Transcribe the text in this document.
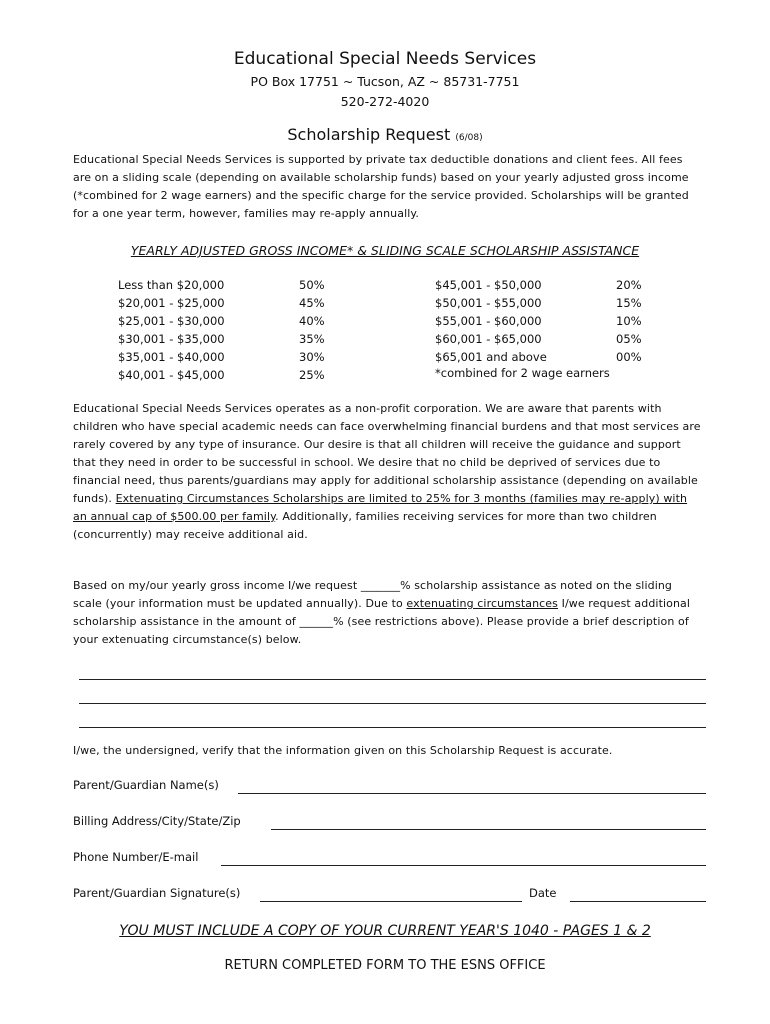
Educational Special Needs Services
PO Box 17751 ~ Tucson, AZ ~ 85731-7751
520-272-4020
Scholarship Request (6/08)
Educational Special Needs Services is supported by private tax deductible donations and client fees. All fees are on a sliding scale (depending on available scholarship funds) based on your yearly adjusted gross income (*combined for 2 wage earners) and the specific charge for the service provided. Scholarships will be granted for a one year term, however, families may re-apply annually.
YEARLY ADJUSTED GROSS INCOME* & SLIDING SCALE SCHOLARSHIP ASSISTANCE
Less than $20,000
$20,001 - $25,000
$25,001 - $30,000
$30,001 - $35,000
$35,001 - $40,000
$40,001 - $45,000
50%
45%
40%
35%
30%
25%
$45,001 - $50,000
$50,001 - $55,000
$55,001 - $60,000
$60,001 - $65,000
$65,001 and above
20%
15%
10%
05%
00%
*combined for 2 wage earners
Educational Special Needs Services operates as a non-profit corporation. We are aware that parents with children who have special academic needs can face overwhelming financial burdens and that most services are rarely covered by any type of insurance. Our desire is that all children will receive the guidance and support that they need in order to be successful in school. We desire that no child be deprived of services due to financial need, thus parents/guardians may apply for additional scholarship assistance (depending on available funds). Extenuating Circumstances Scholarships are limited to 25% for 3 months (families may re-apply) with an annual cap of $500.00 per family. Additionally, families receiving services for more than two children (concurrently) may receive additional aid.
Based on my/our yearly gross income I/we request _______% scholarship assistance as noted on the sliding scale (your information must be updated annually). Due to extenuating circumstances I/we request additional scholarship assistance in the amount of ______% (see restrictions above). Please provide a brief description of your extenuating circumstance(s) below.
I/we, the undersigned, verify that the information given on this Scholarship Request is accurate.
Parent/Guardian Name(s)
Billing Address/City/State/Zip
Phone Number/E-mail
Parent/Guardian Signature(s)	Date
YOU MUST INCLUDE A COPY OF YOUR CURRENT YEAR'S 1040 - PAGES 1 & 2
RETURN COMPLETED FORM TO THE ESNS OFFICE
